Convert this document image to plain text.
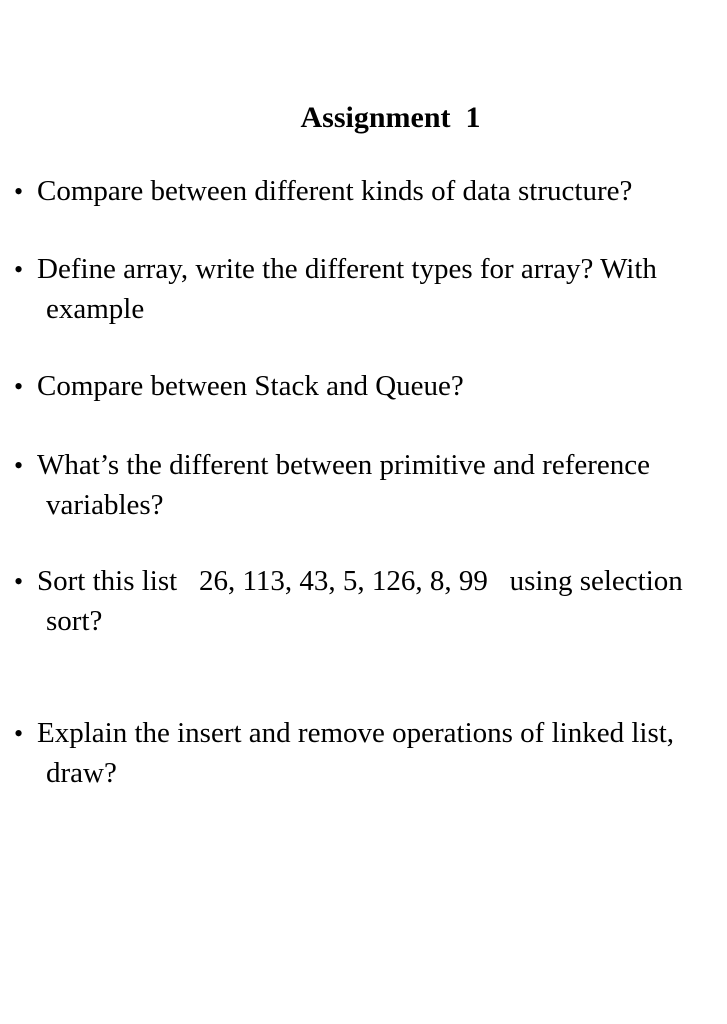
Assignment  1
• Compare between different kinds of data structure?
• Define array, write the different types for array? With
example
• Compare between Stack and Queue?
• What’s the different between primitive and reference
variables?
• Sort this list   26, 113, 43, 5, 126, 8, 99   using selection
sort?
• Explain the insert and remove operations of linked list,
draw?
